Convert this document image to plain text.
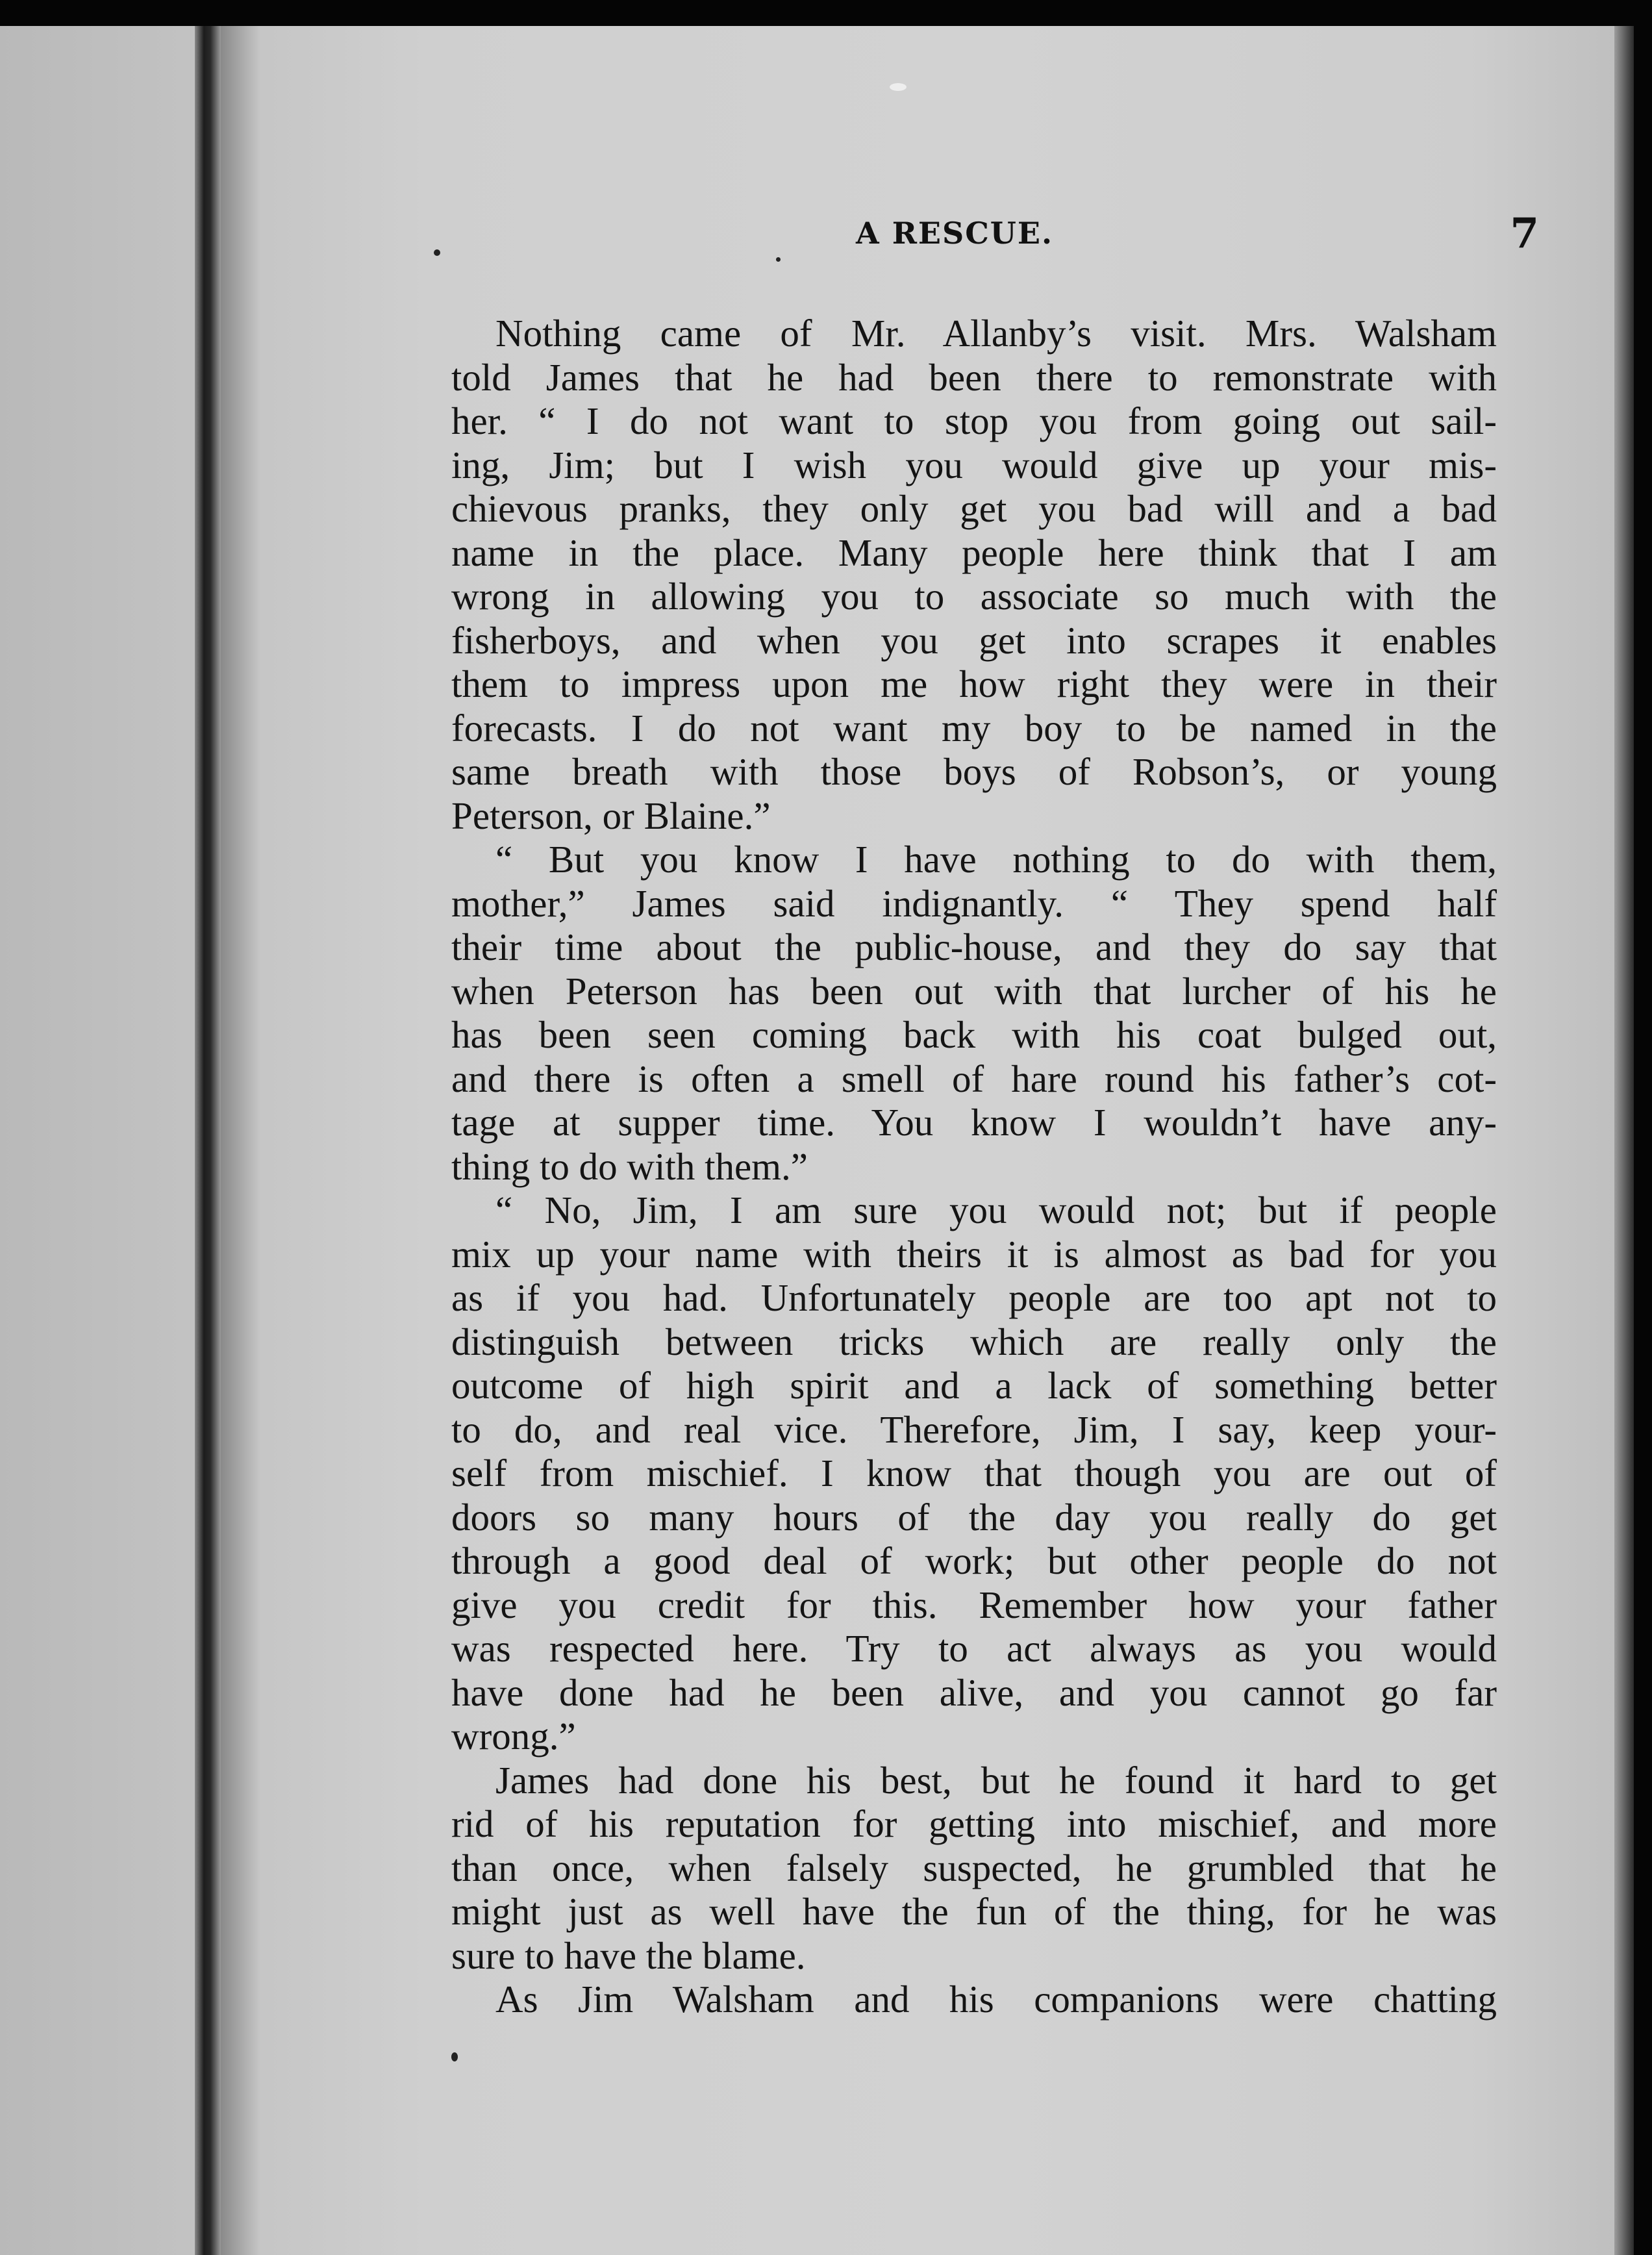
A RESCUE.	7
Nothing came of Mr. Allanby’s visit. Mrs. Walsham
told James that he had been there to remonstrate with
her. “ I do not want to stop you from going out sail-
ing, Jim; but I wish you would give up your mis-
chievous pranks, they only get you bad will and a bad
name in the place. Many people here think that I am
wrong in allowing you to associate so much with the
fisherboys, and when you get into scrapes it enables
them to impress upon me how right they were in their
forecasts. I do not want my boy to be named in the
same breath with those boys of Robson’s, or young
Peterson, or Blaine.”
“ But you know I have nothing to do with them,
mother,” James said indignantly. “ They spend half
their time about the public-house, and they do say that
when Peterson has been out with that lurcher of his he
has been seen coming back with his coat bulged out,
and there is often a smell of hare round his father’s cot-
tage at supper time. You know I wouldn’t have any-
thing to do with them.”
“ No, Jim, I am sure you would not; but if people
mix up your name with theirs it is almost as bad for you
as if you had. Unfortunately people are too apt not to
distinguish between tricks which are really only the
outcome of high spirit and a lack of something better
to do, and real vice. Therefore, Jim, I say, keep your-
self from mischief. I know that though you are out of
doors so many hours of the day you really do get
through a good deal of work; but other people do not
give you credit for this. Remember how your father
was respected here. Try to act always as you would
have done had he been alive, and you cannot go far
wrong.”
James had done his best, but he found it hard to get
rid of his reputation for getting into mischief, and more
than once, when falsely suspected, he grumbled that he
might just as well have the fun of the thing, for he was
sure to have the blame.
As Jim Walsham and his companions were chatting
